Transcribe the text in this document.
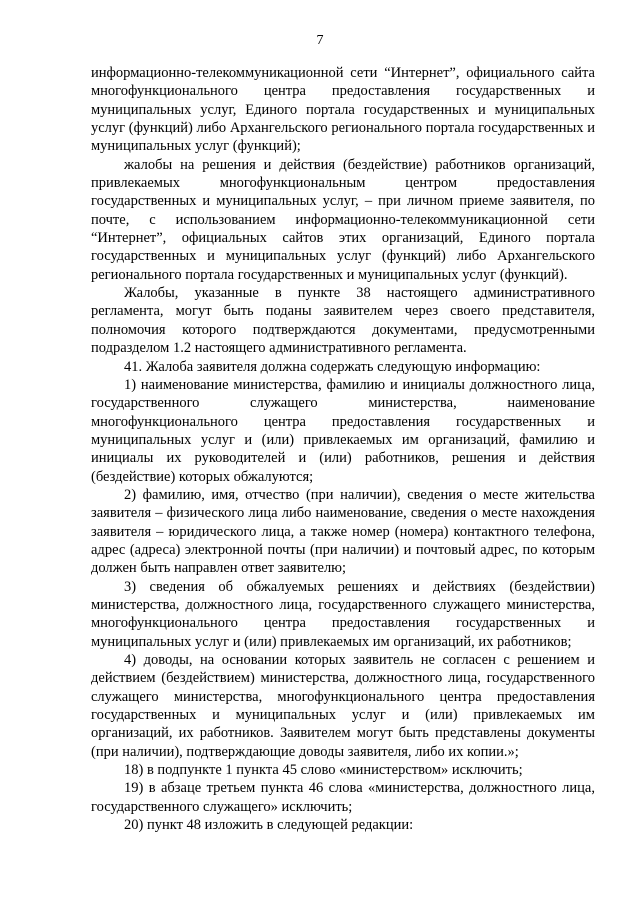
7

информационно-телекоммуникационной сети “Интернет”, официального сайта многофункционального центра предоставления государственных и муниципальных услуг, Единого портала государственных и муниципальных услуг (функций) либо Архангельского регионального портала государственных и муниципальных услуг (функций);

жалобы на решения и действия (бездействие) работников организаций, привлекаемых многофункциональным центром предоставления государственных и муниципальных услуг, – при личном приеме заявителя, по почте, с использованием информационно-телекоммуникационной сети “Интернет”, официальных сайтов этих организаций, Единого портала государственных и муниципальных услуг (функций) либо Архангельского регионального портала государственных и муниципальных услуг (функций).

Жалобы, указанные в пункте 38 настоящего административного регламента, могут быть поданы заявителем через своего представителя, полномочия которого подтверждаются документами, предусмотренными подразделом 1.2 настоящего административного регламента.

41. Жалоба заявителя должна содержать следующую информацию:

1) наименование министерства, фамилию и инициалы должностного лица, государственного служащего министерства, наименование многофункционального центра предоставления государственных и муниципальных услуг и (или) привлекаемых им организаций, фамилию и инициалы их руководителей и (или) работников, решения и действия (бездействие) которых обжалуются;

2) фамилию, имя, отчество (при наличии), сведения о месте жительства заявителя – физического лица либо наименование, сведения о месте нахождения заявителя – юридического лица, а также номер (номера) контактного телефона, адрес (адреса) электронной почты (при наличии) и почтовый адрес, по которым должен быть направлен ответ заявителю;

3) сведения об обжалуемых решениях и действиях (бездействии) министерства, должностного лица, государственного служащего министерства, многофункционального центра предоставления государственных и муниципальных услуг и (или) привлекаемых им организаций, их работников;

4) доводы, на основании которых заявитель не согласен с решением и действием (бездействием) министерства, должностного лица, государственного служащего министерства, многофункционального центра предоставления государственных и муниципальных услуг и (или) привлекаемых им организаций, их работников. Заявителем могут быть представлены документы (при наличии), подтверждающие доводы заявителя, либо их копии.»;

18) в подпункте 1 пункта 45 слово «министерством» исключить;

19) в абзаце третьем пункта 46 слова «министерства, должностного лица, государственного служащего» исключить;

20) пункт 48 изложить в следующей редакции:
